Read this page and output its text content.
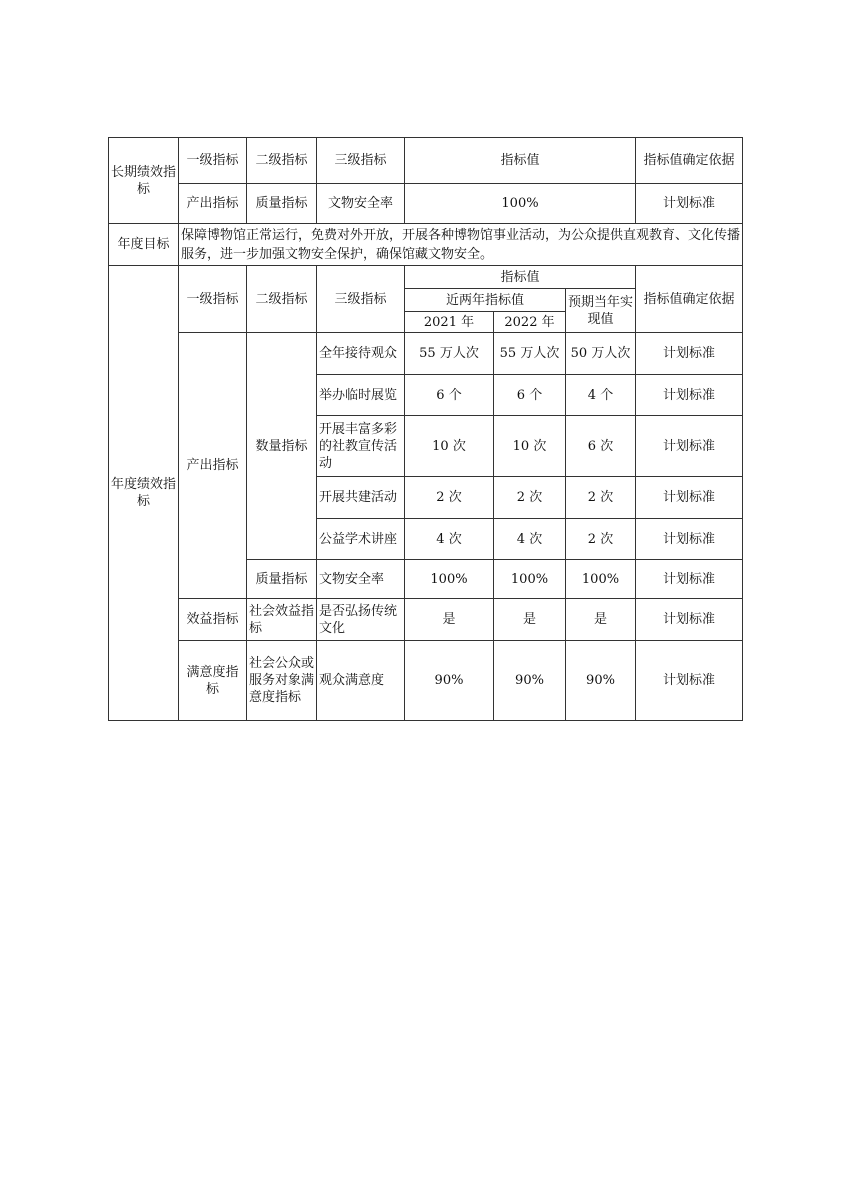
长期绩效指标	一级指标	二级指标	三级指标	指标值			指标值确定依据
	产出指标	质量指标	文物安全率	100%			计划标准
年度目标	保障博物馆正常运行，免费对外开放，开展各种博物馆事业活动，为公众提供直观教育、文化传播服务，进一步加强文物安全保护，确保馆藏文物安全。						
年度绩效指标	一级指标	二级指标	三级指标	指标值			指标值确定依据
				近两年指标值		预期当年实现值	
				2021 年	2022 年		
	产出指标	数量指标	全年接待观众	55 万人次	55 万人次	50 万人次	计划标准
			举办临时展览	6 个	6 个	4 个	计划标准
			开展丰富多彩的社教宣传活动	10 次	10 次	6 次	计划标准
			开展共建活动	2 次	2 次	2 次	计划标准
			公益学术讲座	4 次	4 次	2 次	计划标准
		质量指标	文物安全率	100%	100%	100%	计划标准
	效益指标	社会效益指标	是否弘扬传统文化	是	是	是	计划标准
	满意度指标	社会公众或服务对象满意度指标	观众满意度	90%	90%	90%	计划标准
